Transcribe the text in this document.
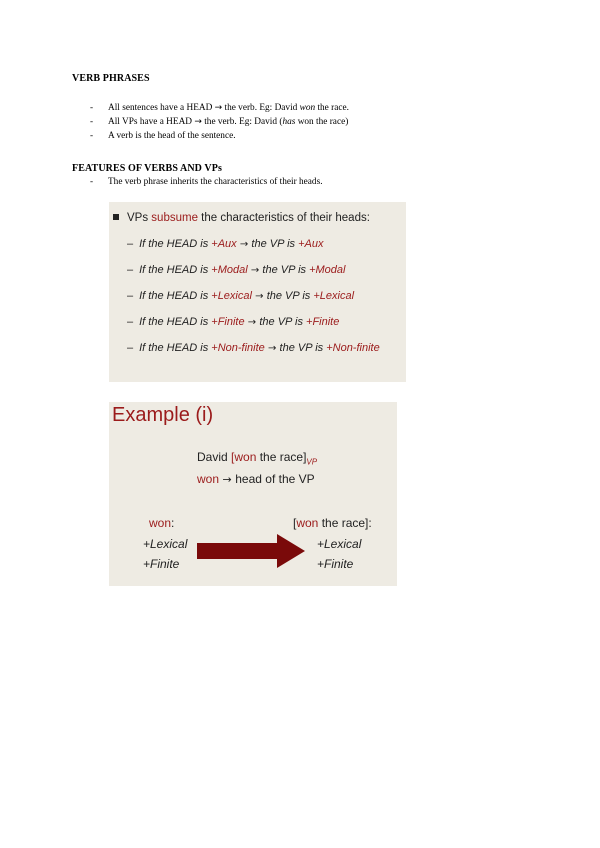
VERB PHRASES
- All sentences have a HEAD → the verb. Eg: David won the race.
- All VPs have a HEAD → the verb. Eg: David (has won the race)
- A verb is the head of the sentence.
FEATURES OF VERBS AND VPs
- The verb phrase inherits the characteristics of their heads.
VPs subsume the characteristics of their heads:
– If the HEAD is +Aux → the VP is +Aux
– If the HEAD is +Modal → the VP is +Modal
– If the HEAD is +Lexical → the VP is +Lexical
– If the HEAD is +Finite → the VP is +Finite
– If the HEAD is +Non-finite → the VP is +Non-finite
Example (i)
David [won the $race]_{VP}$
won → head of the VP
won:
+Lexical
+Finite
[won the race]:
+Lexical
+Finite
